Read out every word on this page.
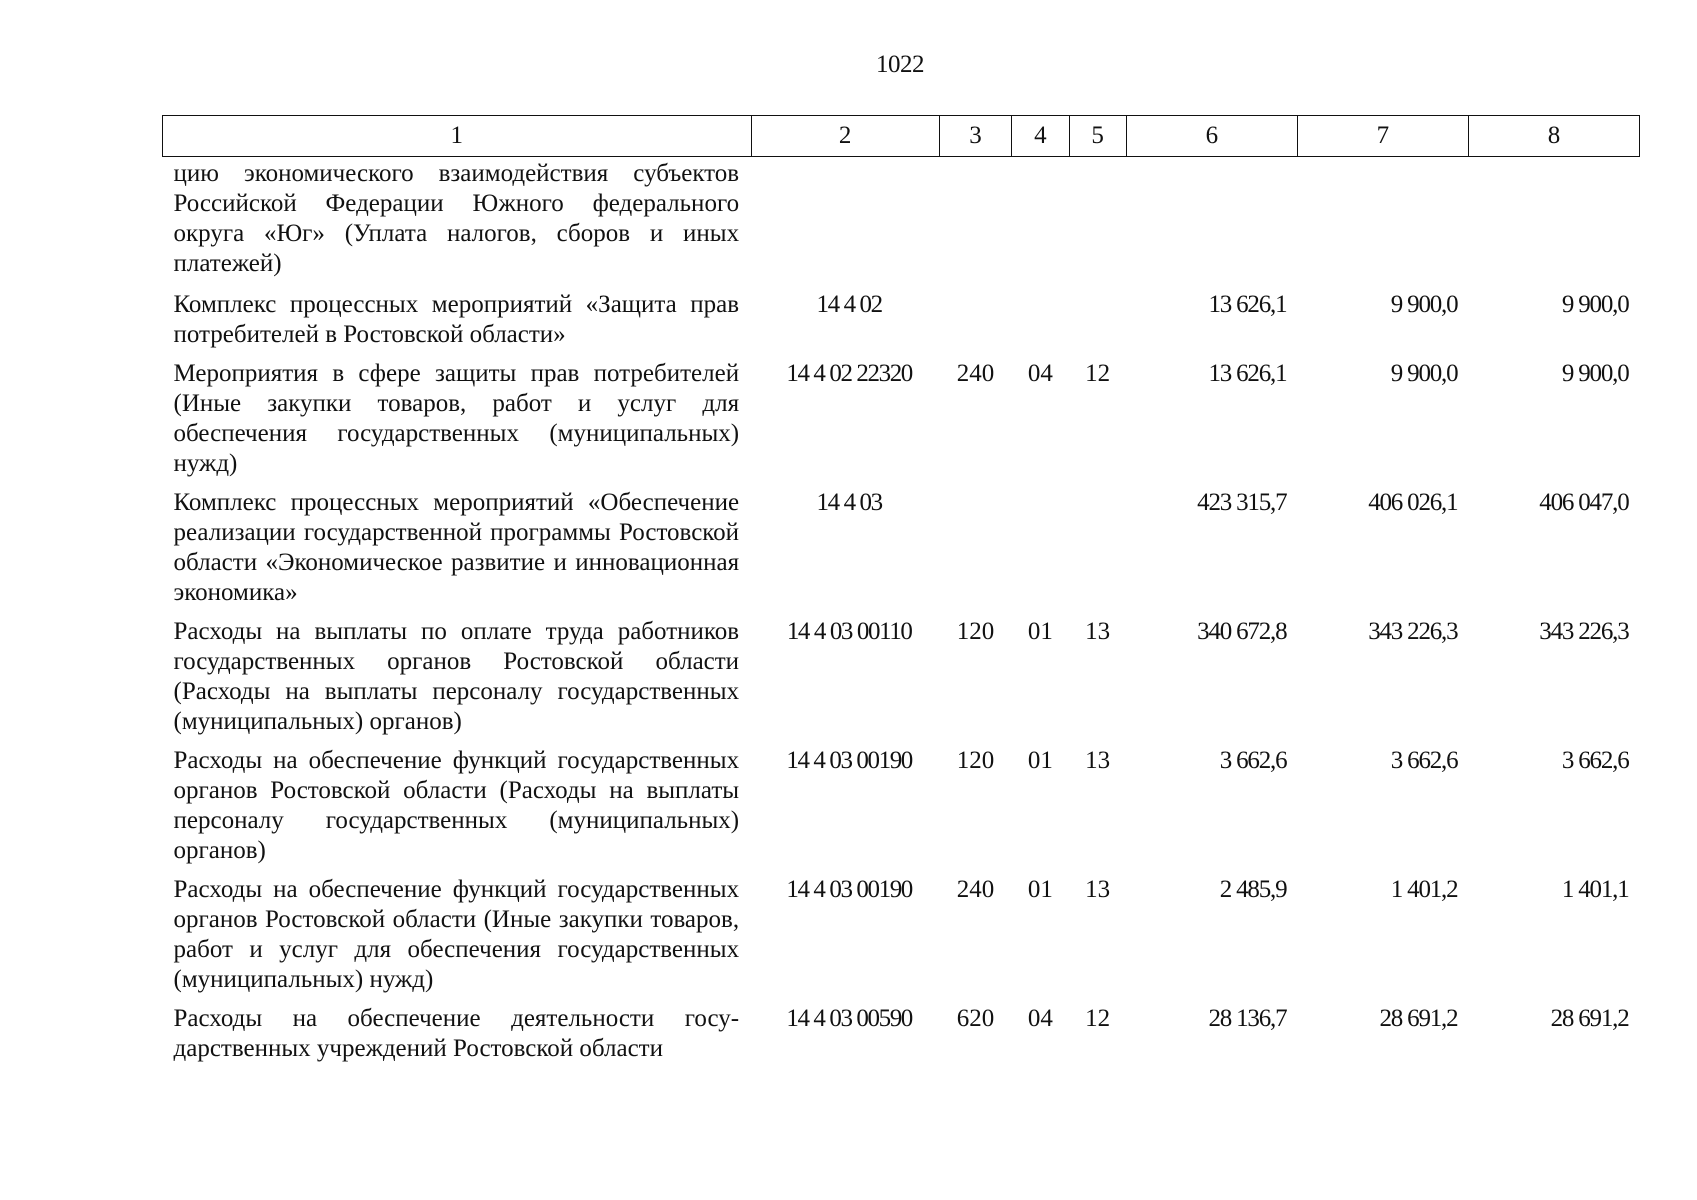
1022
1	2	3	4	5	6	7	8
цию экономического взаимодействия субъектов Российской Федерации Южного федерального округа «Юг» (Уплата налогов, сборов и иных платежей)							
Комплекс процессных мероприятий «Защита прав потребителей в Ростовской области»	14 4 02				13 626,1	9 900,0	9 900,0
Мероприятия в сфере защиты прав потребителей (Иные закупки товаров, работ и услуг для обеспечения государственных (муниципальных) нужд)	14 4 02 22320	240	04	12	13 626,1	9 900,0	9 900,0
Комплекс процессных мероприятий «Обеспечение реализации государственной программы Ростовской области «Экономическое развитие и инновационная экономика»	14 4 03				423 315,7	406 026,1	406 047,0
Расходы на выплаты по оплате труда работников государственных органов Ростовской области (Расходы на выплаты персоналу государственных (муниципальных) органов)	14 4 03 00110	120	01	13	340 672,8	343 226,3	343 226,3
Расходы на обеспечение функций государственных органов Ростовской области (Расходы на выплаты персоналу государственных (муниципальных) органов)	14 4 03 00190	120	01	13	3 662,6	3 662,6	3 662,6
Расходы на обеспечение функций государственных органов Ростовской области (Иные закупки товаров, работ и услуг для обеспечения государственных (муниципальных) нужд)	14 4 03 00190	240	01	13	2 485,9	1 401,2	1 401,1
Расходы на обеспечение деятельности государственных учреждений Ростовской области	14 4 03 00590	620	04	12	28 136,7	28 691,2	28 691,2
